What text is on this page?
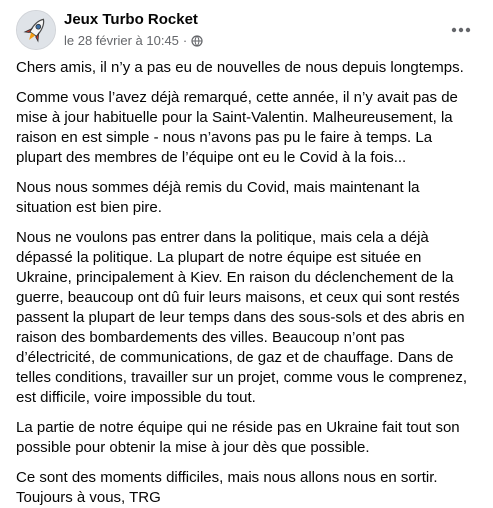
Jeux Turbo Rocket
le 28 février à 10:45 ·

Chers amis, il n’y a pas eu de nouvelles de nous depuis longtemps.

Comme vous l’avez déjà remarqué, cette année, il n’y avait pas de mise à jour habituelle pour la Saint-Valentin. Malheureusement, la raison en est simple - nous n’avons pas pu le faire à temps. La plupart des membres de l’équipe ont eu le Covid à la fois...

Nous nous sommes déjà remis du Covid, mais maintenant la situation est bien pire.

Nous ne voulons pas entrer dans la politique, mais cela a déjà dépassé la politique. La plupart de notre équipe est située en Ukraine, principalement à Kiev. En raison du déclenchement de la guerre, beaucoup ont dû fuir leurs maisons, et ceux qui sont restés passent la plupart de leur temps dans des sous-sols et des abris en raison des bombardements des villes. Beaucoup n’ont pas d’électricité, de communications, de gaz et de chauffage. Dans de telles conditions, travailler sur un projet, comme vous le comprenez, est difficile, voire impossible du tout.

La partie de notre équipe qui ne réside pas en Ukraine fait tout son possible pour obtenir la mise à jour dès que possible.

Ce sont des moments difficiles, mais nous allons nous en sortir.
Toujours à vous, TRG
